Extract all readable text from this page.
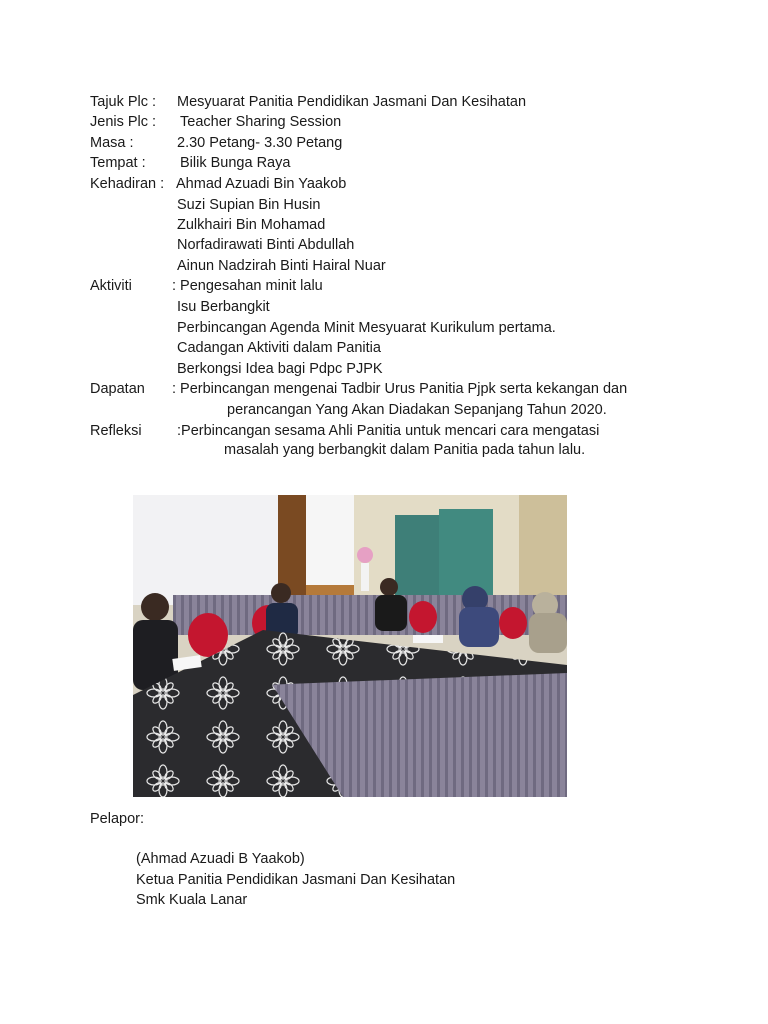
Tajuk Plc : Mesyuarat Panitia Pendidikan Jasmani Dan Kesihatan
Jenis Plc : Teacher Sharing Session
Masa :	2.30 Petang- 3.30 Petang
Tempat : Bilik Bunga Raya
Kehadiran : Ahmad Azuadi Bin Yaakob
Suzi Supian Bin Husin
Zulkhairi Bin Mohamad
Norfadirawati Binti Abdullah
Ainun Nadzirah Binti Hairal Nuar
Aktiviti	: Pengesahan minit lalu
Isu Berbangkit
Perbincangan Agenda Minit Mesyuarat Kurikulum pertama.
Cadangan Aktiviti dalam Panitia
Berkongsi Idea bagi Pdpc PJPK
Dapatan : Perbincangan mengenai Tadbir Urus Panitia Pjpk serta kekangan dan
perancangan Yang Akan Diadakan Sepanjang Tahun 2020.
Refleksi :Perbincangan sesama Ahli Panitia untuk mencari cara mengatasi
masalah yang berbangkit dalam Panitia pada tahun lalu.
Pelapor:
(Ahmad Azuadi B Yaakob)
Ketua Panitia Pendidikan Jasmani Dan Kesihatan
Smk Kuala Lanar
